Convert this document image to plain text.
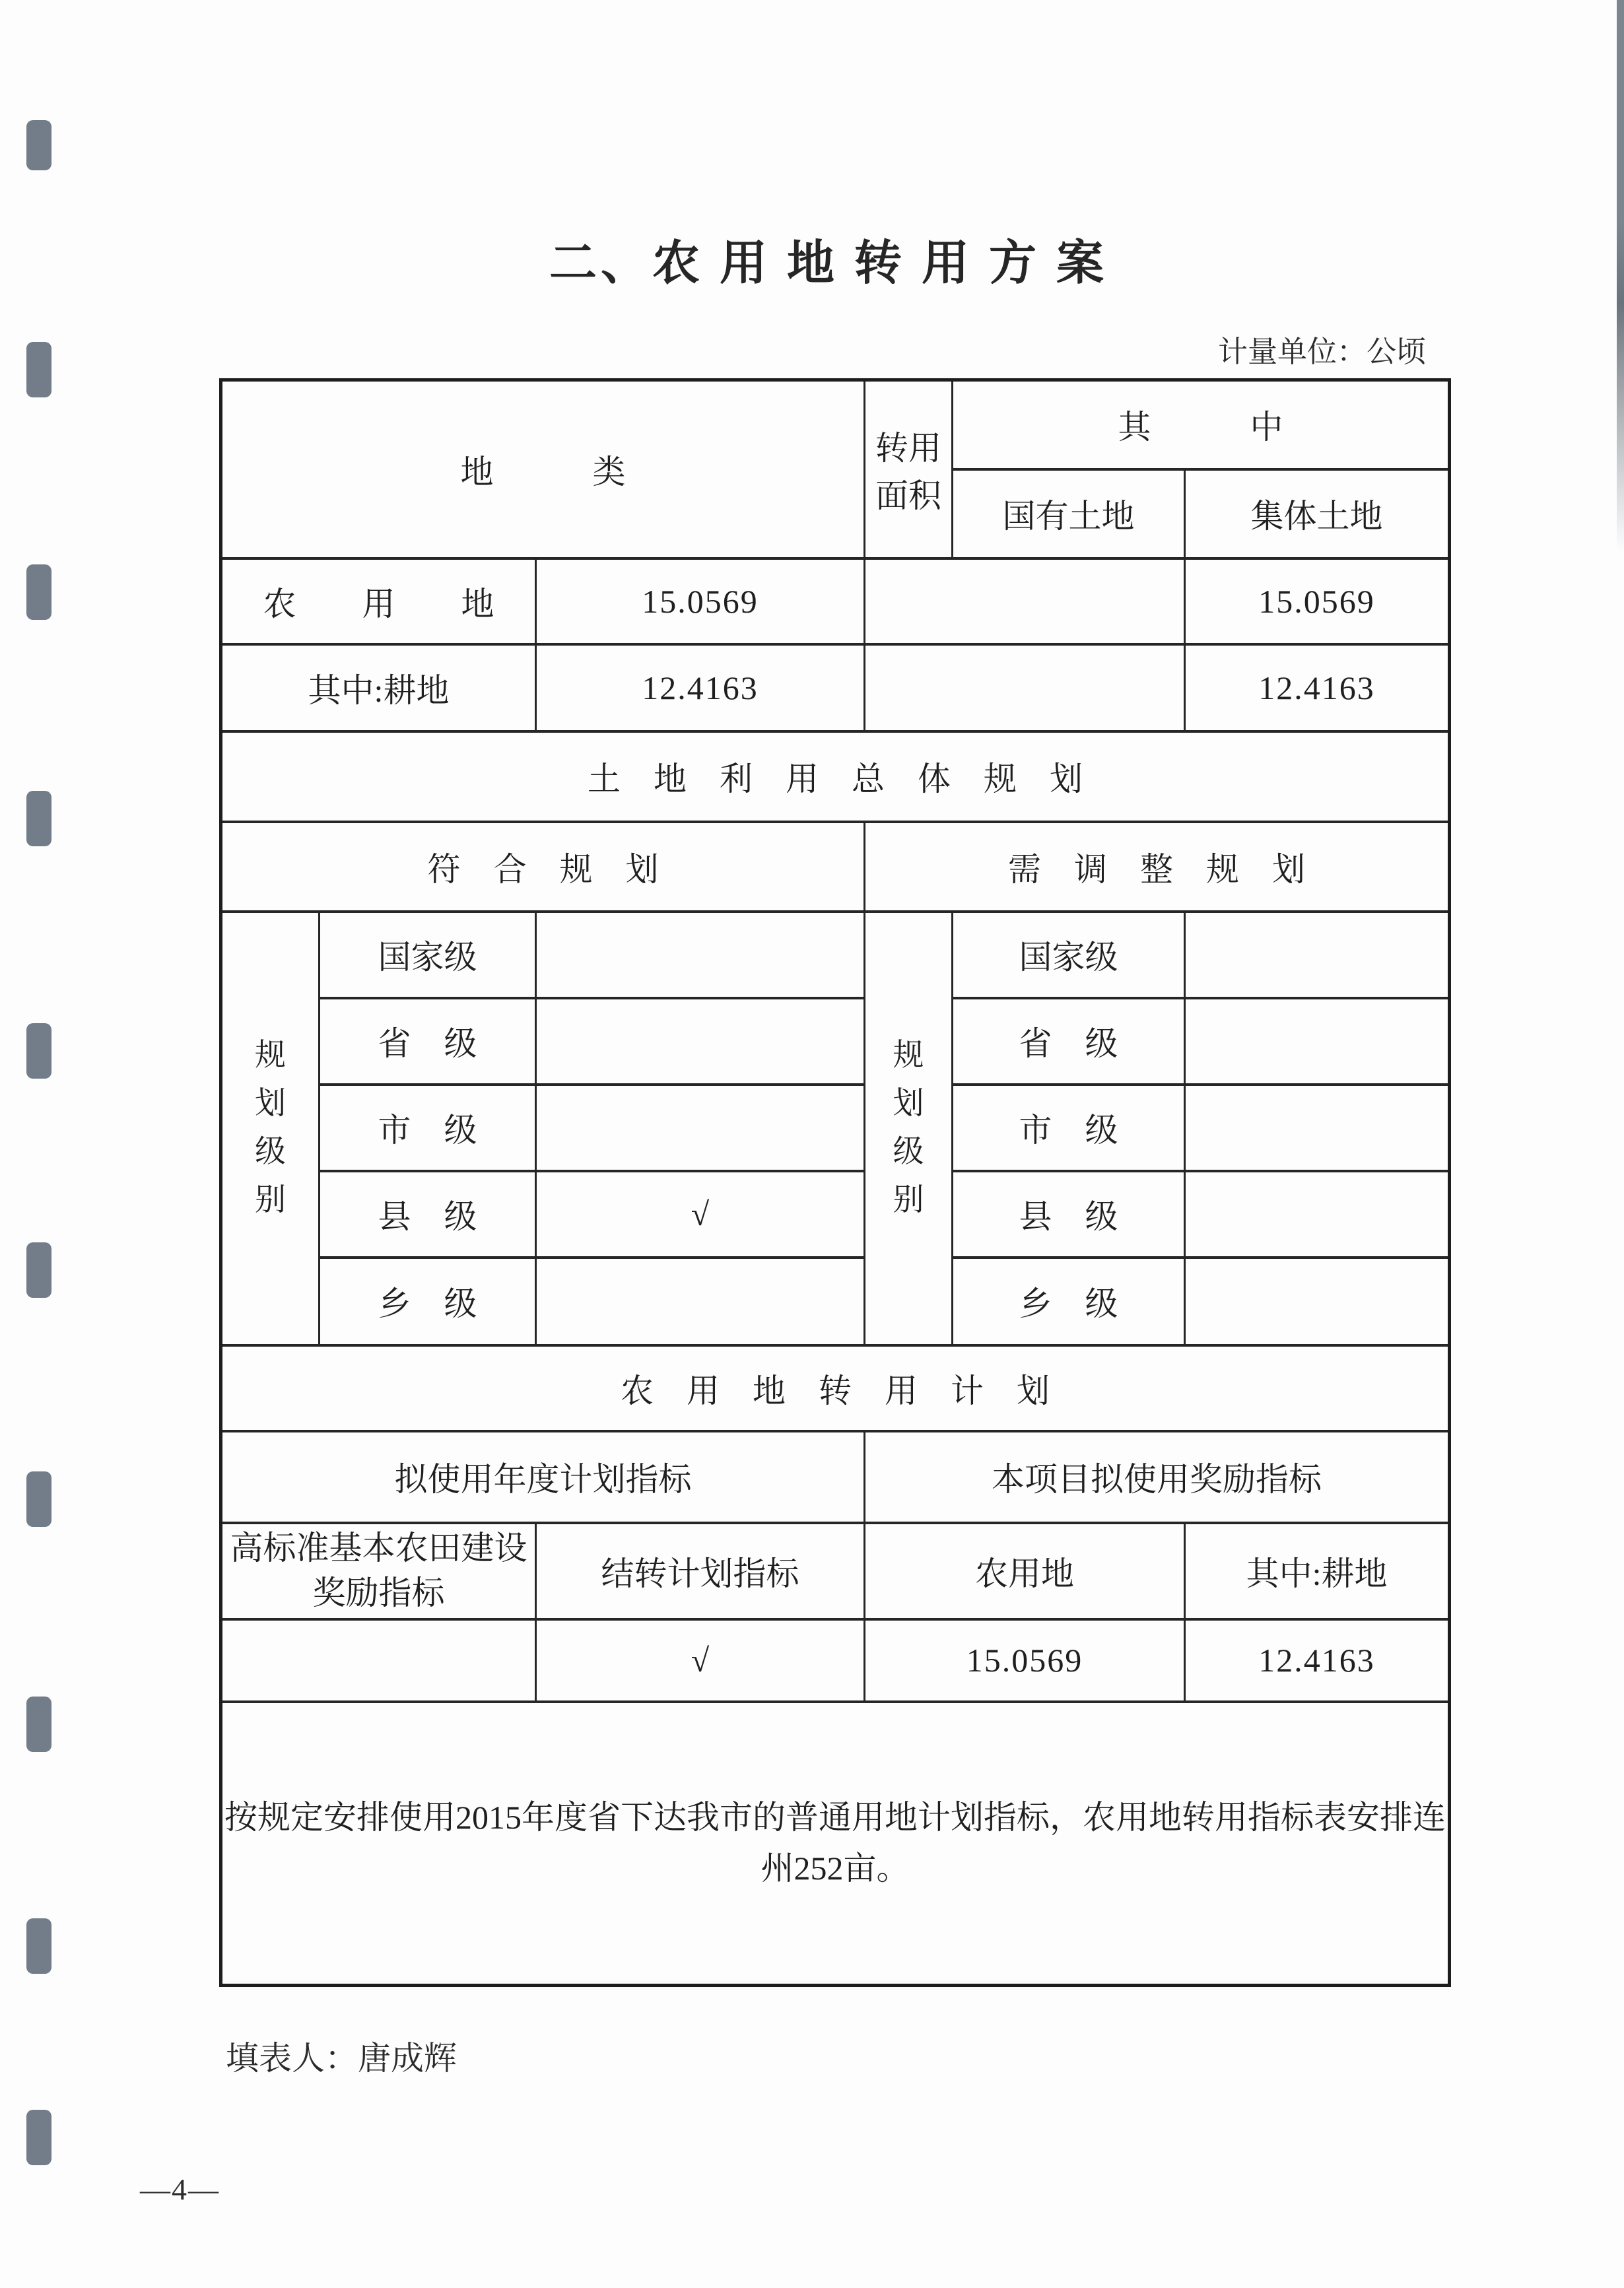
二、农 用 地 转 用 方 案
计量单位：公顷
地　　　类			转用面积	其　　　中	
				国有土地	集体土地
农　　用　　地		15.0569			15.0569
其中:耕地		12.4163			12.4163
土　地　利　用　总　体　规　划					
符　合　规　划			需　调　整　规　划		

规划级别	国家级		规划级别	国家级	
	省　级			省　级	
	市　级			市　级	
	县　级	√		县　级	
	乡　级			乡　级	
农　用　地　转　用　计　划					
拟使用年度计划指标			本项目拟使用奖励指标		
高标准基本农田建设奖励指标		结转计划指标	农用地		其中:耕地
		√	15.0569		12.4163
按规定安排使用2015年度省下达我市的普通用地计划指标，农用地转用指标表安排连州252亩。					
填表人：唐成辉
—4—
